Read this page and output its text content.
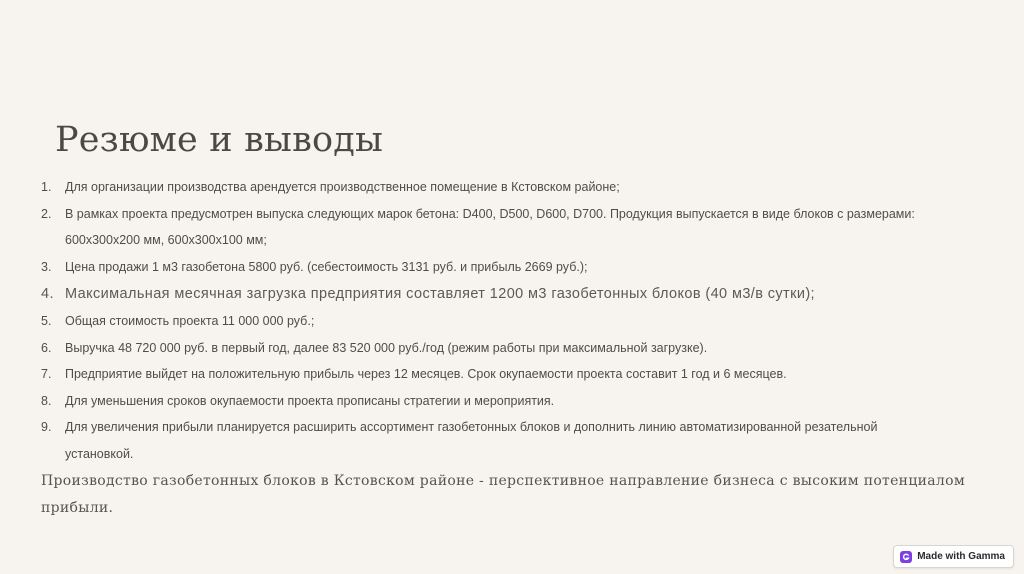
Резюме и выводы
1. Для организации производства арендуется производственное помещение в Кстовском районе;
2. В рамках проекта предусмотрен выпуска следующих марок бетона: D400, D500, D600, D700. Продукция выпускается в виде блоков с размерами:
600х300х200 мм, 600х300х100 мм;
3. Цена продажи 1 м3 газобетона 5800 руб. (себестоимость 3131 руб. и прибыль 2669 руб.);
4. Максимальная месячная загрузка предприятия составляет 1200 м3 газобетонных блоков (40 м3/в сутки);
5. Общая стоимость проекта 11 000 000 руб.;
6. Выручка 48 720 000 руб. в первый год, далее 83 520 000 руб./год (режим работы при максимальной загрузке).
7. Предприятие выйдет на положительную прибыль через 12 месяцев. Срок окупаемости проекта составит 1 год и 6 месяцев.
8. Для уменьшения сроков окупаемости проекта прописаны стратегии и мероприятия.
9. Для увеличения прибыли планируется расширить ассортимент газобетонных блоков и дополнить линию автоматизированной резательной
установкой.
Производство газобетонных блоков в Кстовском районе - перспективное направление бизнеса с высоким потенциалом прибыли.
Made with Gamma
